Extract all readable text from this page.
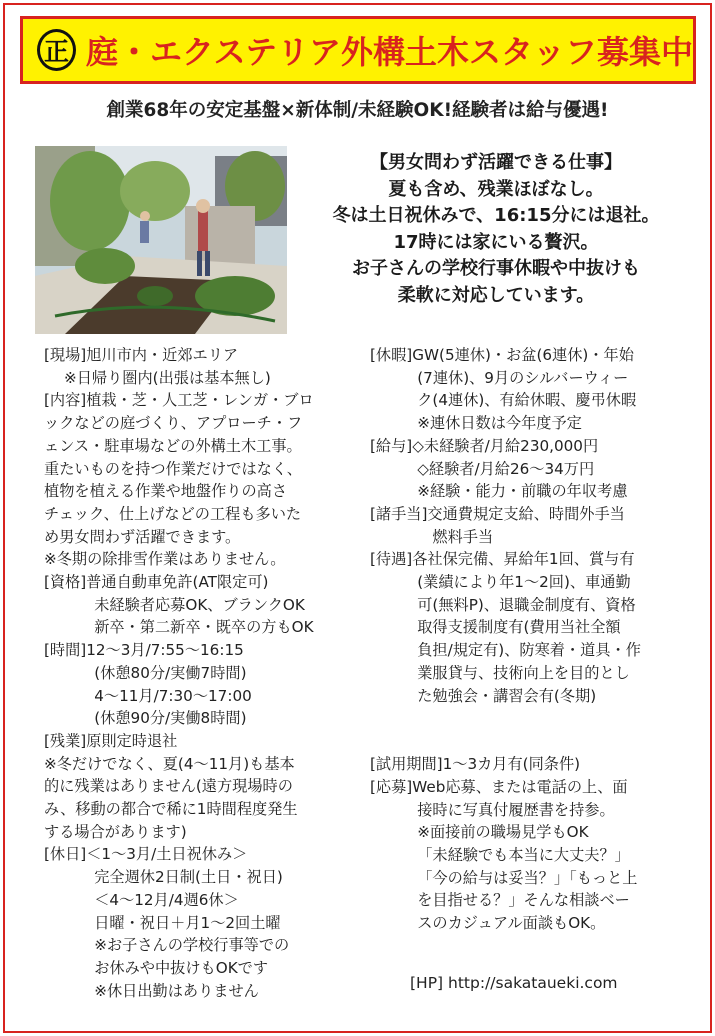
正 庭・エクステリア外構土木スタッフ募集中
創業68年の安定基盤×新体制/未経験OK!経験者は給与優遇!
【男女問わず活躍できる仕事】
夏も含め、残業ほぼなし。
冬は土日祝休みで、16:15分には退社。
17時には家にいる贅沢。
お子さんの学校行事休暇や中抜けも
柔軟に対応しています。
[現場] 旭川市内・近郊エリア
　 ※日帰り圏内(出張は基本無し)
[内容] 植栽・芝・人工芝・レンガ・ブロ
ックなどの庭づくり、アプローチ・フ
ェンス・駐車場などの外構土木工事。
重たいものを持つ作業だけではなく、
植物を植える作業や地盤作りの高さ
チェック、仕上げなどの工程も多いた
め男女問わず活躍できます。
※冬期の除排雪作業はありません。
[資格] 普通自動車免許(AT限定可)
未経験者応募OK、ブランクOK
新卒・第二新卒・既卒の方もOK
[時間] 12～3月/7:55～16:15
(休憩80分/実働7時間)
4～11月/7:30～17:00
(休憩90分/実働8時間)
[残業] 原則定時退社
※冬だけでなく、夏(4～11月)も基本
的に残業はありません(遠方現場時の
み、移動の都合で稀に1時間程度発生
する場合があります)
[休日] ＜1～3月/土日祝休み＞
完全週休2日制(土日・祝日)
＜4～12月/4週6休＞
日曜・祝日＋月1～2回土曜
※お子さんの学校行事等での
お休みや中抜けもOKです
※休日出勤はありません
[休暇] GW(5連休)・お盆(6連休)・年始
(7連休)、9月のシルバーウィー
ク(4連休)、有給休暇、慶弔休暇
※連休日数は今年度予定
[給与] ◇未経験者/月給230,000円
◇経験者/月給26～34万円
※経験・能力・前職の年収考慮
[諸手当] 交通費規定支給、時間外手当
燃料手当
[待遇] 各社保完備、昇給年1回、賞与有
(業績により年1～2回)、車通勤
可(無料P)、退職金制度有、資格
取得支援制度有(費用当社全額
負担/規定有)、防寒着・道具・作
業服貸与、技術向上を目的とし
た勉強会・講習会有(冬期)
[試用期間] 1～3カ月有(同条件)
[応募] Web応募、または電話の上、面
接時に写真付履歴書を持参。
※面接前の職場見学もOK
「未経験でも本当に大丈夫？」
「今の給与は妥当？」「もっと上
を目指せる？」そんな相談ベー
スのカジュアル面談もOK。
[HP] http://sakataueki.com
